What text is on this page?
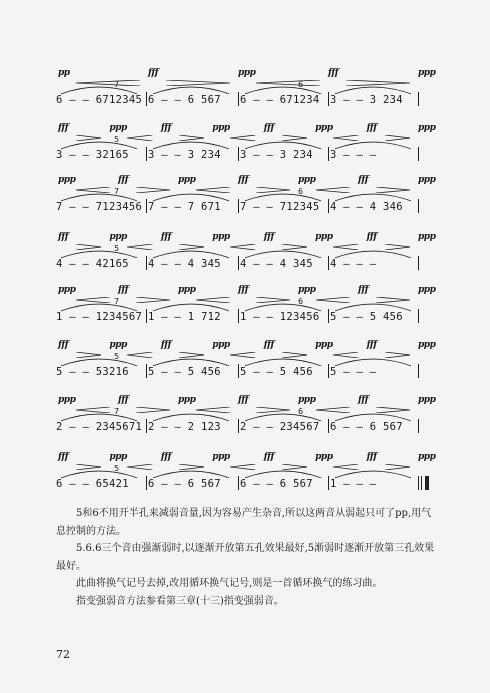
pp	fff	ppp	fff	ppp
7
6 — — 6712345 6 — — 6 567
6
6 — — 671234 3 — — 3 234
fff	ppp	fff	ppp	fff	ppp	fff	ppp
5
3 — — 32165 3 — — 3 234 3 — — 3 234 3 — — —
ppp	fff	ppp	fff	ppp	fff	ppp
7
7 — — 7123456 7 — — 7 671
6
7 — — 712345 4 — — 4 346
fff	ppp	fff	ppp	fff	ppp	fff	ppp
5
4 — — 42165 4 — — 4 345 4 — — 4 345 4 — — —
ppp	fff	ppp	fff	ppp	fff	ppp
7
1 — — 1234567 1 — — 1 712
6
1 — — 123456 5 — — 5 456
fff	ppp	fff	ppp	fff	ppp	fff	ppp
5
5 — — 53216 5 — — 5 456 5 — — 5 456 5 — — —
ppp	fff	ppp	fff	ppp	fff	ppp
7
2 — — 2345671 2 — — 2 123
6
2 — — 234567 6 — — 6 567
fff	ppp	fff	ppp	fff	ppp	fff	ppp
5
6 — — 65421 6 — — 6 567 6 — — 6 567 1 — — —

5和6不用开半孔来减弱音量,因为容易产生杂音,所以这两音从弱起只可了pp,用气息控制的方法。

5.6.6三个音由强渐弱时,以逐渐开放第五孔效果最好,5渐弱时逐渐开放第三孔效果最好。

此曲将换气记号去掉,改用循环换气记号,则是一首循环换气的练习曲。

指变强弱音方法参看第三章(十三)指变强弱音。

72
